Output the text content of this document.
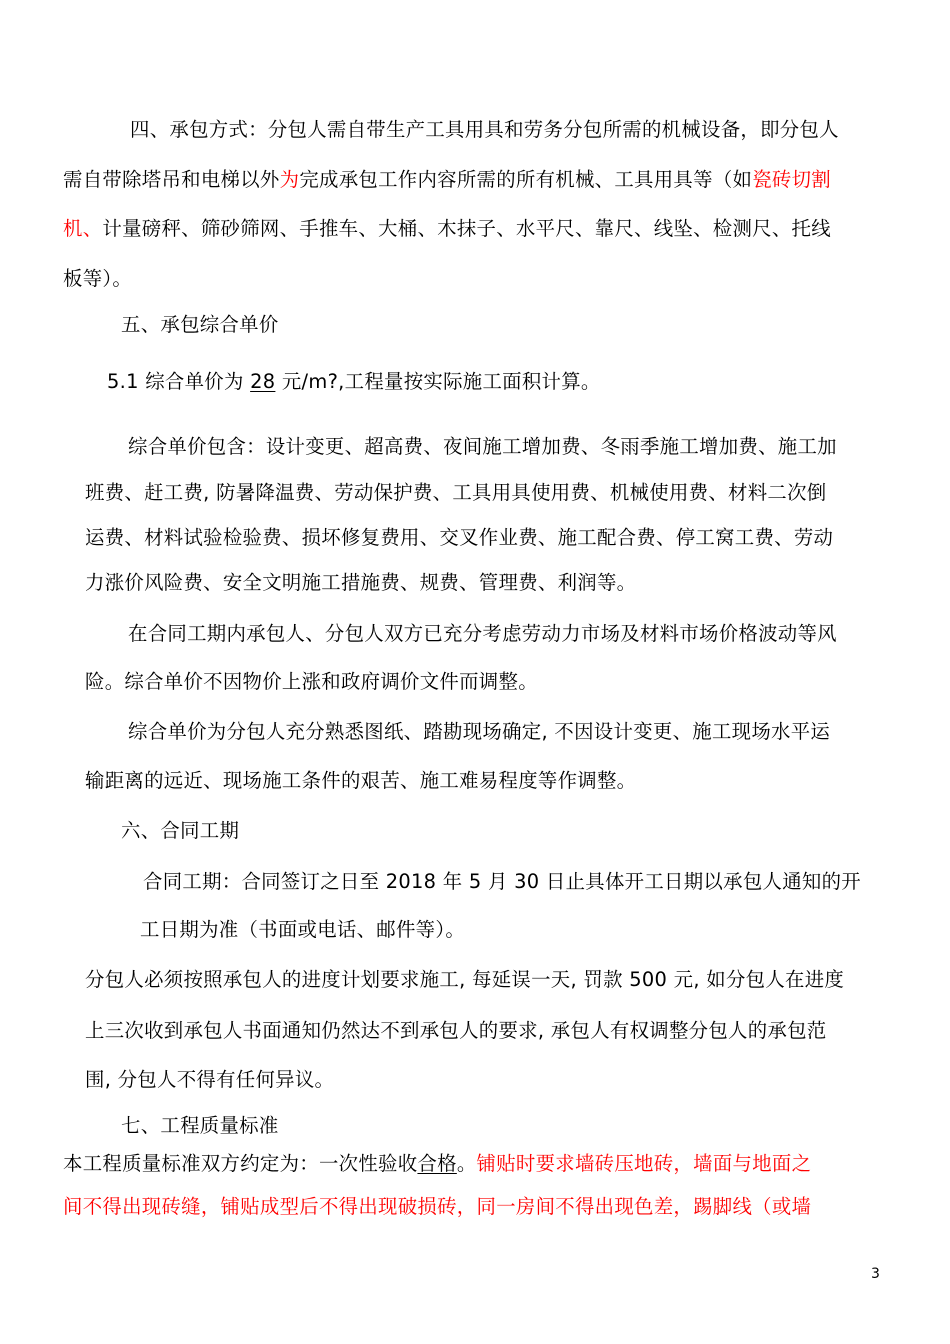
四、承包方式：分包人需自带生产工具用具和劳务分包所需的机械设备，即分包人
需自带除塔吊和电梯以外为完成承包工作内容所需的所有机械、工具用具等（如瓷砖切割
机、计量磅秤、筛砂筛网、手推车、大桶、木抹子、水平尺、靠尺、线坠、检测尺、托线
板等）。
五、承包综合单价
5.1 综合单价为 28 元/m?,工程量按实际施工面积计算。
综合单价包含：设计变更、超高费、夜间施工增加费、冬雨季施工增加费、施工加
班费、赶工费, 防暑降温费、劳动保护费、工具用具使用费、机械使用费、材料二次倒
运费、材料试验检验费、损坏修复费用、交叉作业费、施工配合费、停工窝工费、劳动
力涨价风险费、安全文明施工措施费、规费、管理费、利润等。
在合同工期内承包人、分包人双方已充分考虑劳动力市场及材料市场价格波动等风
险。综合单价不因物价上涨和政府调价文件而调整。
综合单价为分包人充分熟悉图纸、踏勘现场确定, 不因设计变更、施工现场水平运
输距离的远近、现场施工条件的艰苦、施工难易程度等作调整。
六、合同工期
合同工期：合同签订之日至 2018 年 5 月 30 日止具体开工日期以承包人通知的开
工日期为准（书面或电话、邮件等）。
分包人必须按照承包人的进度计划要求施工, 每延误一天, 罚款 500 元, 如分包人在进度
上三次收到承包人书面通知仍然达不到承包人的要求, 承包人有权调整分包人的承包范
围, 分包人不得有任何异议。
七、工程质量标准
本工程质量标准双方约定为：一次性验收合格。铺贴时要求墙砖压地砖，墙面与地面之
间不得出现砖缝，铺贴成型后不得出现破损砖，同一房间不得出现色差，踢脚线（或墙
3
